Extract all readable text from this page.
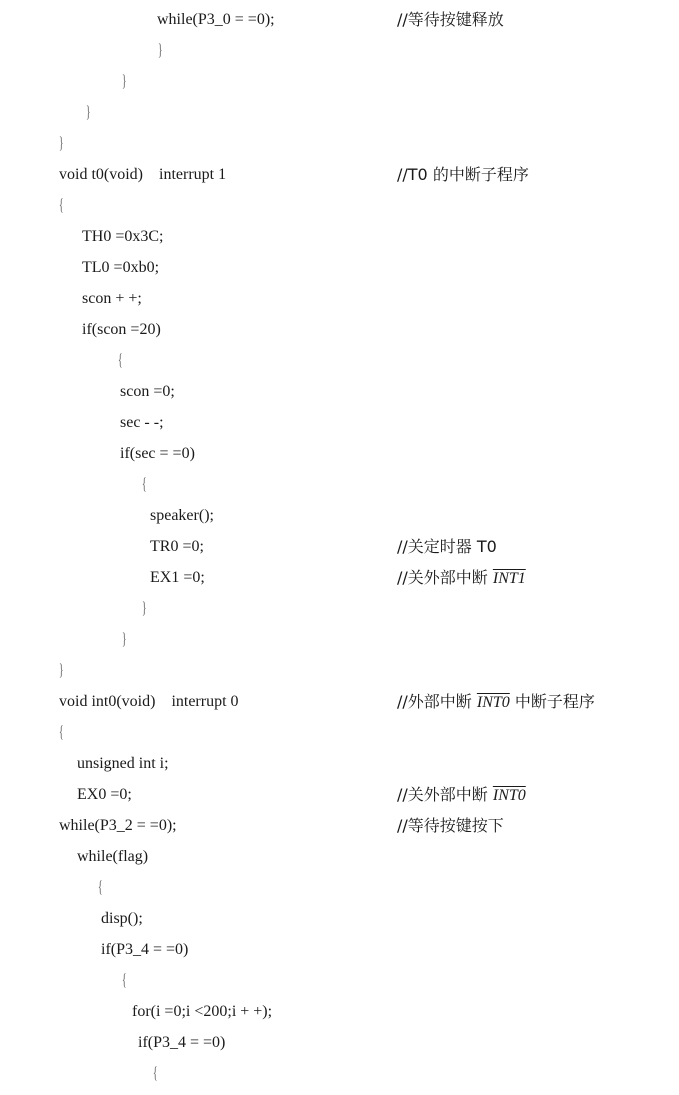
while(P3_0 = =0);	//等待按键释放
}
}
}
}
void t0(void)    interrupt 1	//T0 的中断子程序
{
TH0 =0x3C;
TL0 =0xb0;
scon + +;
if(scon =20)
{
scon =0;
sec - -;
if(sec = =0)
{
speaker();
TR0 =0;	//关定时器 T0
EX1 =0;	//关外部中断 INT1
}
}
}
void int0(void)    interrupt 0	//外部中断 INT0 中断子程序
{
unsigned int i;
EX0 =0;	//关外部中断 INT0
while(P3_2 = =0);	//等待按键按下
while(flag)
{
disp();
if(P3_4 = =0)
{
for(i =0;i <200;i + +);
if(P3_4 = =0)
{
